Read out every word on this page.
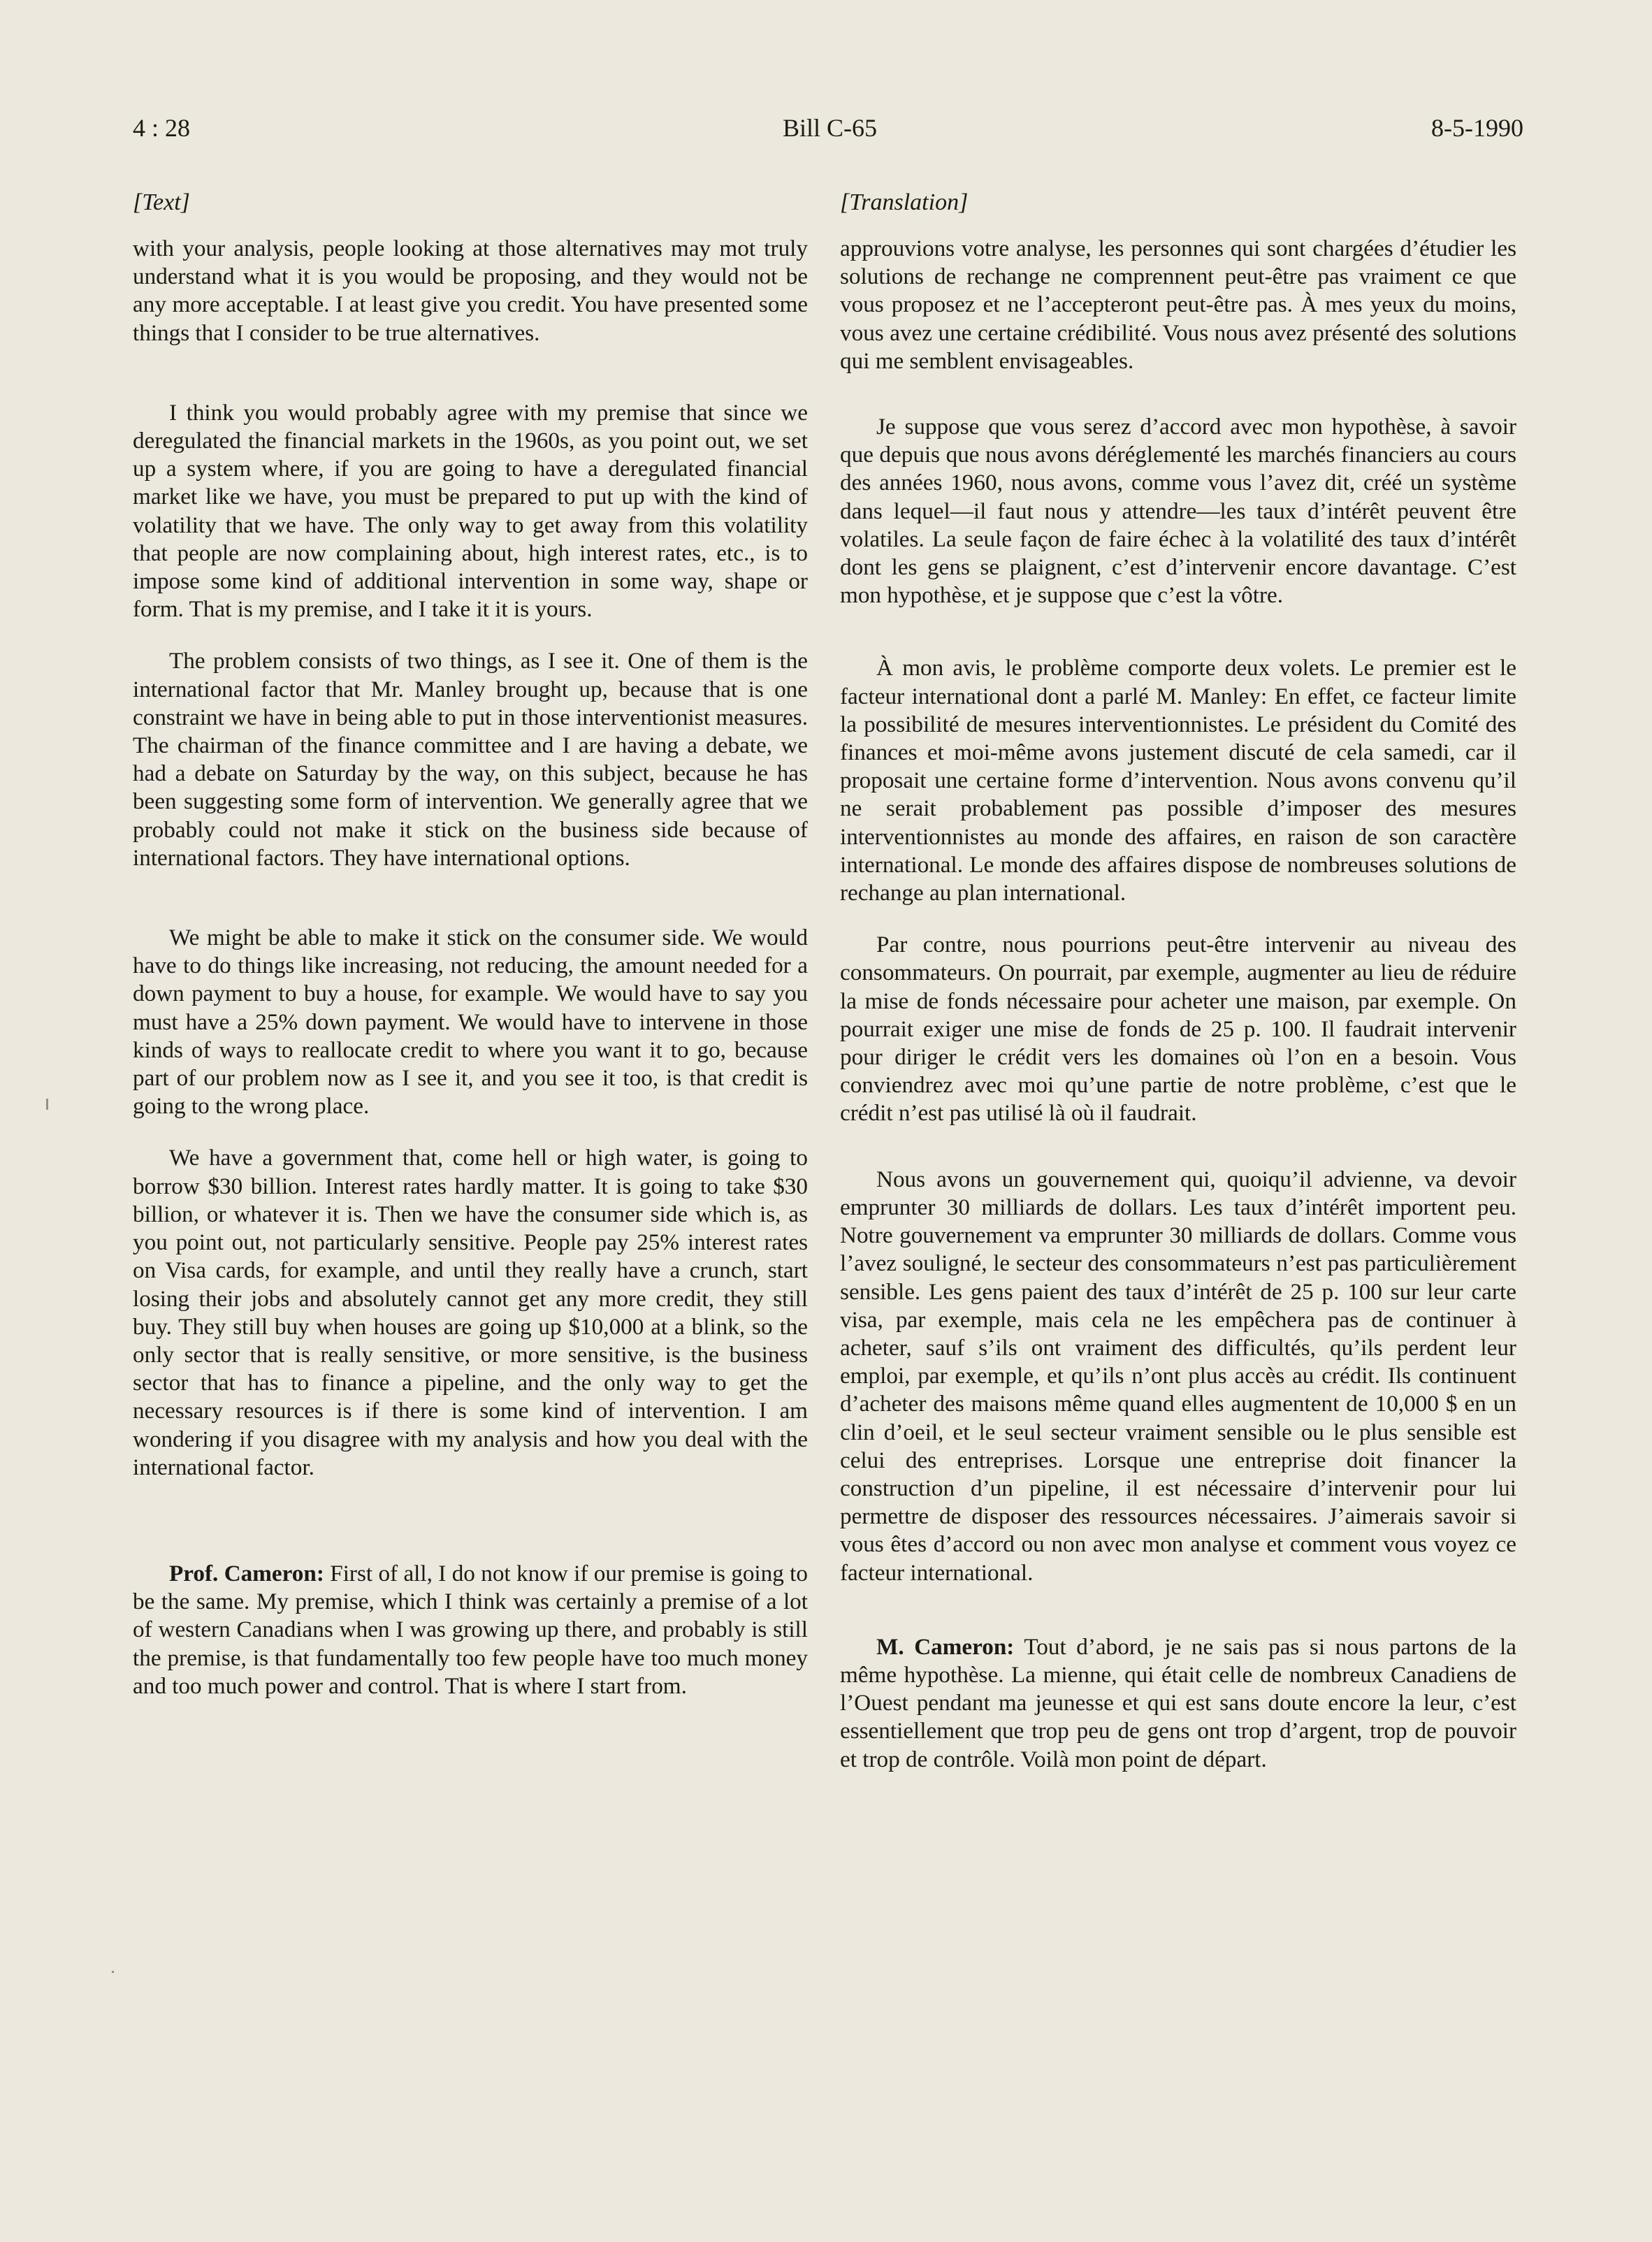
4 : 28	Bill C-65	8-5-1990
[Text]

with your analysis, people looking at those alternatives may mot truly understand what it is you would be proposing, and they would not be any more acceptable. I at least give you credit. You have presented some things that I consider to be true alternatives.

I think you would probably agree with my premise that since we deregulated the financial markets in the 1960s, as you point out, we set up a system where, if you are going to have a deregulated financial market like we have, you must be prepared to put up with the kind of volatility that we have. The only way to get away from this volatility that people are now complaining about, high interest rates, etc., is to impose some kind of additional intervention in some way, shape or form. That is my premise, and I take it it is yours.

The problem consists of two things, as I see it. One of them is the international factor that Mr. Manley brought up, because that is one constraint we have in being able to put in those interventionist measures. The chairman of the finance committee and I are having a debate, we had a debate on Saturday by the way, on this subject, because he has been suggesting some form of intervention. We generally agree that we probably could not make it stick on the business side because of international factors. They have international options.

We might be able to make it stick on the consumer side. We would have to do things like increasing, not reducing, the amount needed for a down payment to buy a house, for example. We would have to say you must have a 25% down payment. We would have to intervene in those kinds of ways to reallocate credit to where you want it to go, because part of our problem now as I see it, and you see it too, is that credit is going to the wrong place.

We have a government that, come hell or high water, is going to borrow $30 billion. Interest rates hardly matter. It is going to take $30 billion, or whatever it is. Then we have the consumer side which is, as you point out, not particularly sensitive. People pay 25% interest rates on Visa cards, for example, and until they really have a crunch, start losing their jobs and absolutely cannot get any more credit, they still buy. They still buy when houses are going up $10,000 at a blink, so the only sector that is really sensitive, or more sensitive, is the business sector that has to finance a pipeline, and the only way to get the necessary resources is if there is some kind of intervention. I am wondering if you disagree with my analysis and how you deal with the international factor.

Prof. Cameron: First of all, I do not know if our premise is going to be the same. My premise, which I think was certainly a premise of a lot of western Canadians when I was growing up there, and probably is still the premise, is that fundamentally too few people have too much money and too much power and control. That is where I start from.

[Translation]

approuvions votre analyse, les personnes qui sont chargées d’étudier les solutions de rechange ne comprennent peut-être pas vraiment ce que vous proposez et ne l’accepteront peut-être pas. À mes yeux du moins, vous avez une certaine crédibilité. Vous nous avez présenté des solutions qui me semblent envisageables.

Je suppose que vous serez d’accord avec mon hypothèse, à savoir que depuis que nous avons déréglementé les marchés financiers au cours des années 1960, nous avons, comme vous l’avez dit, créé un système dans lequel—il faut nous y attendre—les taux d’intérêt peuvent être volatiles. La seule façon de faire échec à la volatilité des taux d’intérêt dont les gens se plaignent, c’est d’intervenir encore davantage. C’est mon hypothèse, et je suppose que c’est la vôtre.

À mon avis, le problème comporte deux volets. Le premier est le facteur international dont a parlé M. Manley: En effet, ce facteur limite la possibilité de mesures interventionnistes. Le président du Comité des finances et moi-même avons justement discuté de cela samedi, car il proposait une certaine forme d’intervention. Nous avons convenu qu’il ne serait probablement pas possible d’imposer des mesures interventionnistes au monde des affaires, en raison de son caractère international. Le monde des affaires dispose de nombreuses solutions de rechange au plan international.

Par contre, nous pourrions peut-être intervenir au niveau des consommateurs. On pourrait, par exemple, augmenter au lieu de réduire la mise de fonds nécessaire pour acheter une maison, par exemple. On pourrait exiger une mise de fonds de 25 p. 100. Il faudrait intervenir pour diriger le crédit vers les domaines où l’on en a besoin. Vous conviendrez avec moi qu’une partie de notre problème, c’est que le crédit n’est pas utilisé là où il faudrait.

Nous avons un gouvernement qui, quoiqu’il advienne, va devoir emprunter 30 milliards de dollars. Les taux d’intérêt importent peu. Notre gouvernement va emprunter 30 milliards de dollars. Comme vous l’avez souligné, le secteur des consommateurs n’est pas particulièrement sensible. Les gens paient des taux d’intérêt de 25 p. 100 sur leur carte visa, par exemple, mais cela ne les empêchera pas de continuer à acheter, sauf s’ils ont vraiment des difficultés, qu’ils perdent leur emploi, par exemple, et qu’ils n’ont plus accès au crédit. Ils continuent d’acheter des maisons même quand elles augmentent de 10,000 $ en un clin d’oeil, et le seul secteur vraiment sensible ou le plus sensible est celui des entreprises. Lorsque une entreprise doit financer la construction d’un pipeline, il est nécessaire d’intervenir pour lui permettre de disposer des ressources nécessaires. J’aimerais savoir si vous êtes d’accord ou non avec mon analyse et comment vous voyez ce facteur international.

M. Cameron: Tout d’abord, je ne sais pas si nous partons de la même hypothèse. La mienne, qui était celle de nombreux Canadiens de l’Ouest pendant ma jeunesse et qui est sans doute encore la leur, c’est essentiellement que trop peu de gens ont trop d’argent, trop de pouvoir et trop de contrôle. Voilà mon point de départ.
